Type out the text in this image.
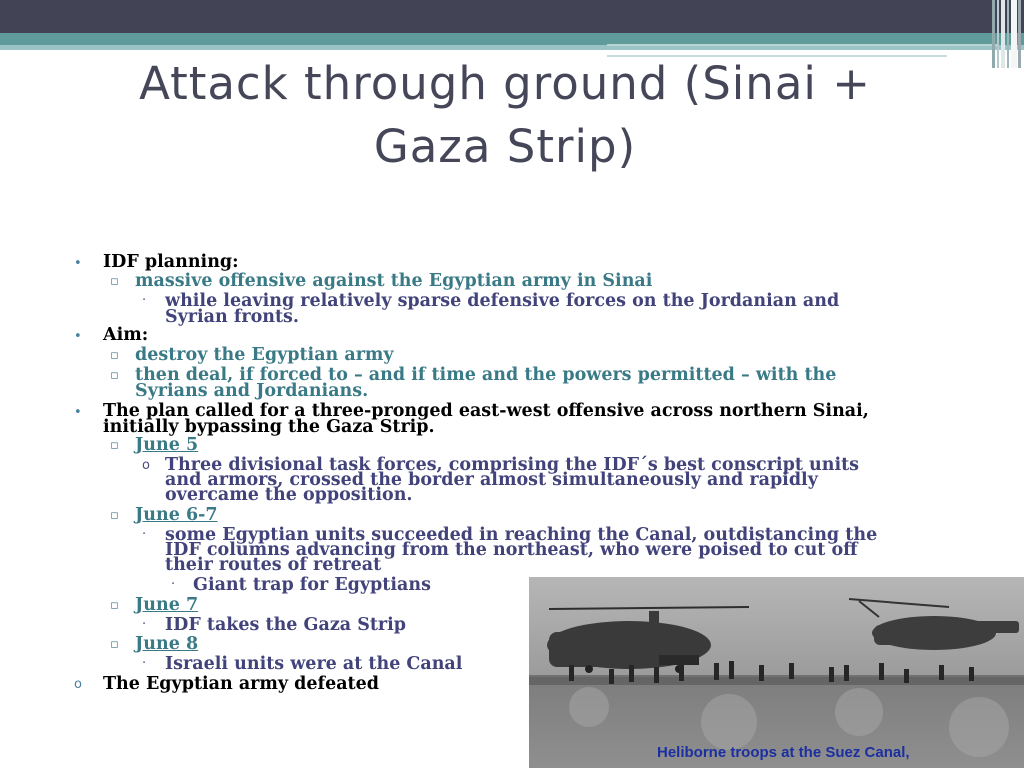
Attack through ground (Sinai +
Gaza Strip)
• IDF planning:
▫ massive offensive against the Egyptian army in Sinai
· while leaving relatively sparse defensive forces on the Jordanian and
Syrian fronts.
• Aim:
▫ destroy the Egyptian army
▫ then deal, if forced to – and if time and the powers permitted – with the
Syrians and Jordanians.
• The plan called for a three-pronged east-west offensive across northern Sinai,
initially bypassing the Gaza Strip.
▫ June 5
o Three divisional task forces, comprising the IDF´s best conscript units
and armors, crossed the border almost simultaneously and rapidly
overcame the opposition.
▫ June 6-7
· some Egyptian units succeeded in reaching the Canal, outdistancing the
IDF columns advancing from the northeast, who were poised to cut off
their routes of retreat
· Giant trap for Egyptians
▫ June 7
· IDF takes the Gaza Strip
▫ June 8
· Israeli units were at the Canal
o The Egyptian army defeated
Heliborne troops at the Suez Canal,
